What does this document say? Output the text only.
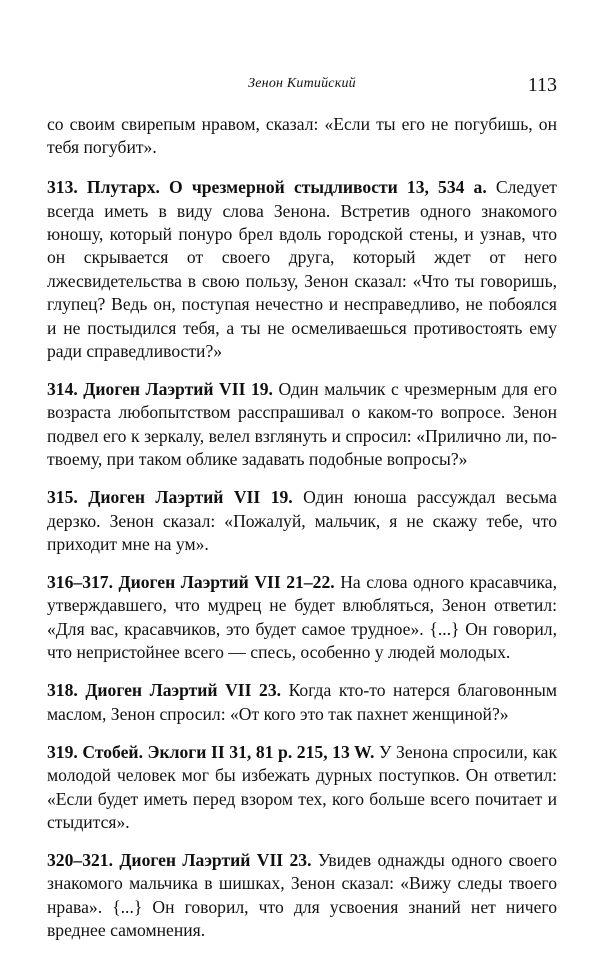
Зенон Китийский	113

со своим свирепым нравом, сказал: «Если ты его не погубишь, он тебя погубит».

313. Плутарх. О чрезмерной стыдливости 13, 534 a. Следует всегда иметь в виду слова Зенона. Встретив одного знакомого юношу, который понуро брел вдоль городской стены, и узнав, что он скрывается от своего друга, который ждет от него лжесвидетельства в свою пользу, Зенон сказал: «Что ты говоришь, глупец? Ведь он, поступая нечестно и несправедливо, не побоялся и не постыдился тебя, а ты не осмеливаешься противостоять ему ради справедливости?»

314. Диоген Лаэртий VII 19. Один мальчик с чрезмерным для его возраста любопытством расспрашивал о каком-то вопросе. Зенон подвел его к зеркалу, велел взглянуть и спросил: «Прилично ли, по-твоему, при таком облике задавать подобные вопросы?»

315. Диоген Лаэртий VII 19. Один юноша рассуждал весьма дерзко. Зенон сказал: «Пожалуй, мальчик, я не скажу тебе, что приходит мне на ум».

316–317. Диоген Лаэртий VII 21–22. На слова одного красавчика, утверждавшего, что мудрец не будет влюбляться, Зенон ответил: «Для вас, красавчиков, это будет самое трудное». {...} Он говорил, что непристойнее всего — спесь, особенно у людей молодых.

318. Диоген Лаэртий VII 23. Когда кто-то натерся благовонным маслом, Зенон спросил: «От кого это так пахнет женщиной?»

319. Стобей. Эклоги II 31, 81 p. 215, 13 W. У Зенона спросили, как молодой человек мог бы избежать дурных поступков. Он ответил: «Если будет иметь перед взором тех, кого больше всего почитает и стыдится».

320–321. Диоген Лаэртий VII 23. Увидев однажды одного своего знакомого мальчика в шишках, Зенон сказал: «Вижу следы твоего нрава». {...} Он говорил, что для усвоения знаний нет ничего вреднее самомнения.
